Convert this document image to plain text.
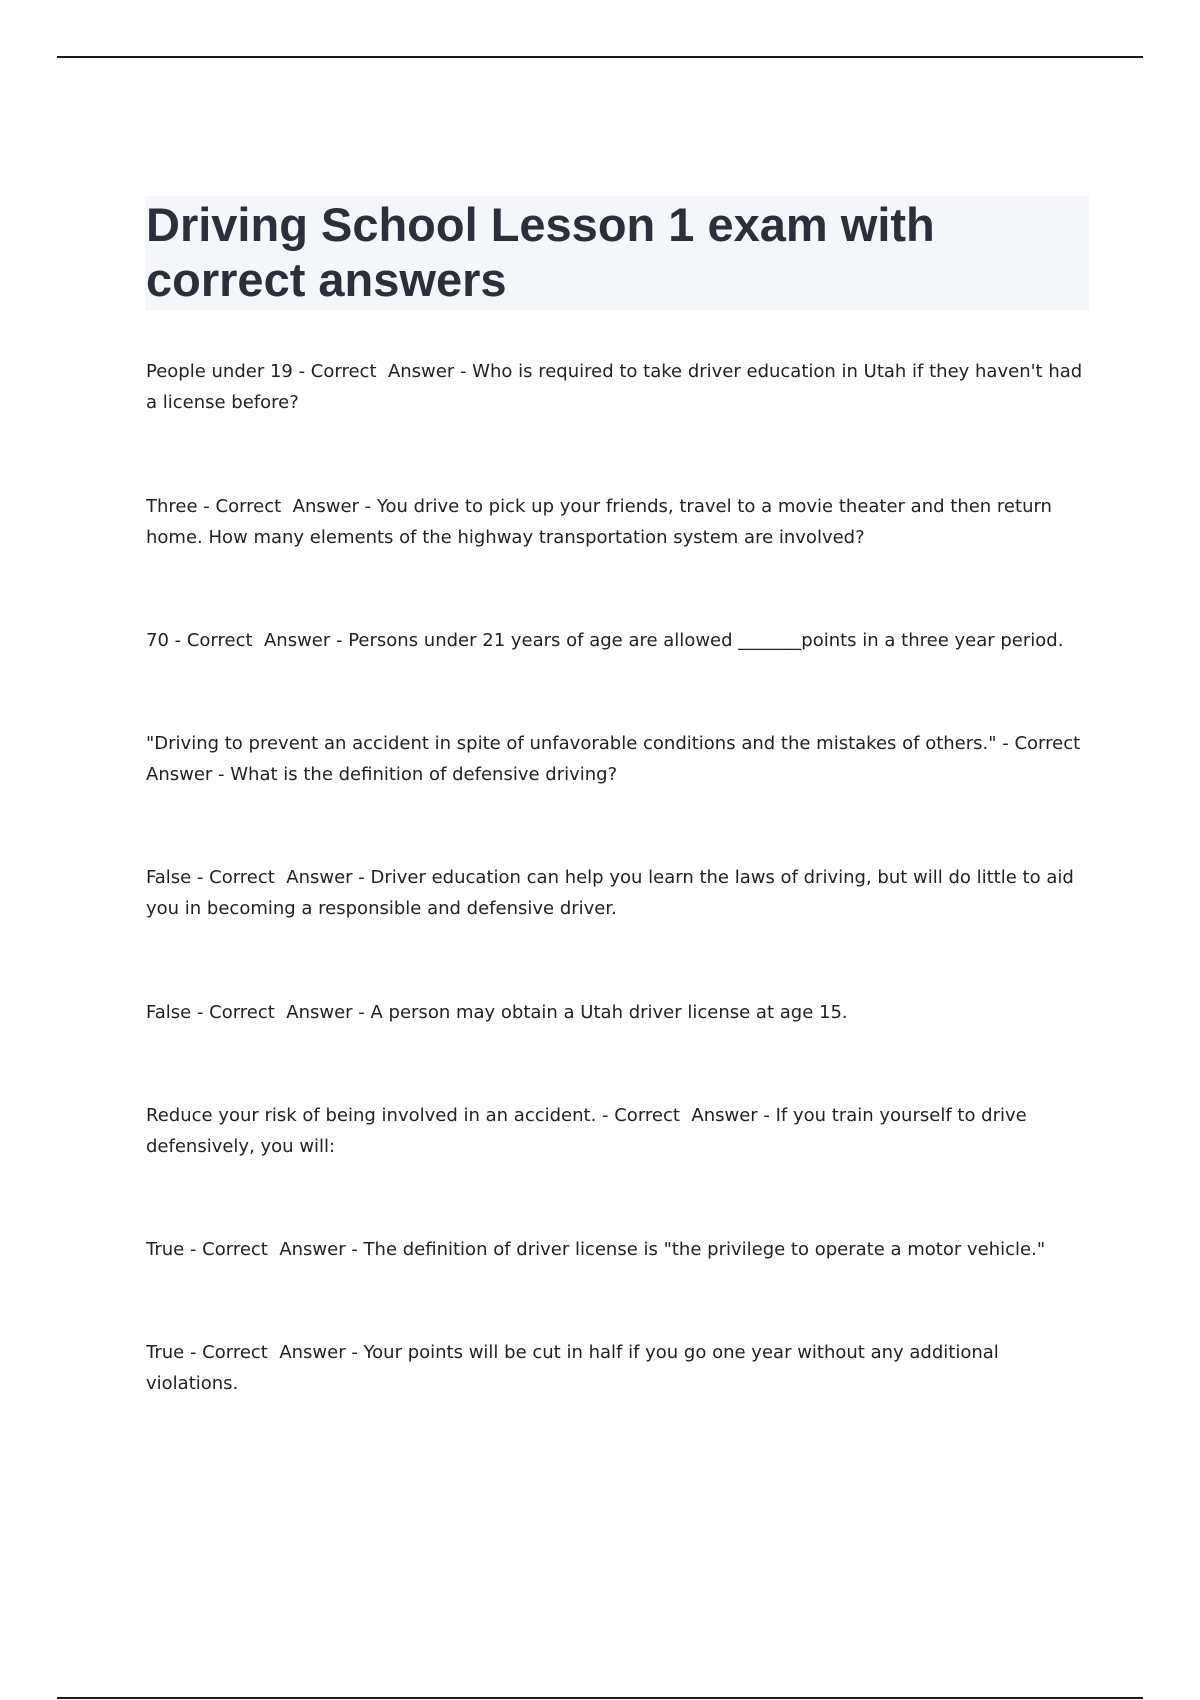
Driving School Lesson 1 exam with correct answers

People under 19 - Correct  Answer - Who is required to take driver education in Utah if they haven't had a license before?

Three - Correct  Answer - You drive to pick up your friends, travel to a movie theater and then return home. How many elements of the highway transportation system are involved?

70 - Correct  Answer - Persons under 21 years of age are allowed _______points in a three year period.

"Driving to prevent an accident in spite of unfavorable conditions and the mistakes of others." - Correct Answer - What is the definition of defensive driving?

False - Correct  Answer - Driver education can help you learn the laws of driving, but will do little to aid you in becoming a responsible and defensive driver.

False - Correct  Answer - A person may obtain a Utah driver license at age 15.

Reduce your risk of being involved in an accident. - Correct  Answer - If you train yourself to drive defensively, you will:

True - Correct  Answer - The definition of driver license is "the privilege to operate a motor vehicle."

True - Correct  Answer - Your points will be cut in half if you go one year without any additional violations.
